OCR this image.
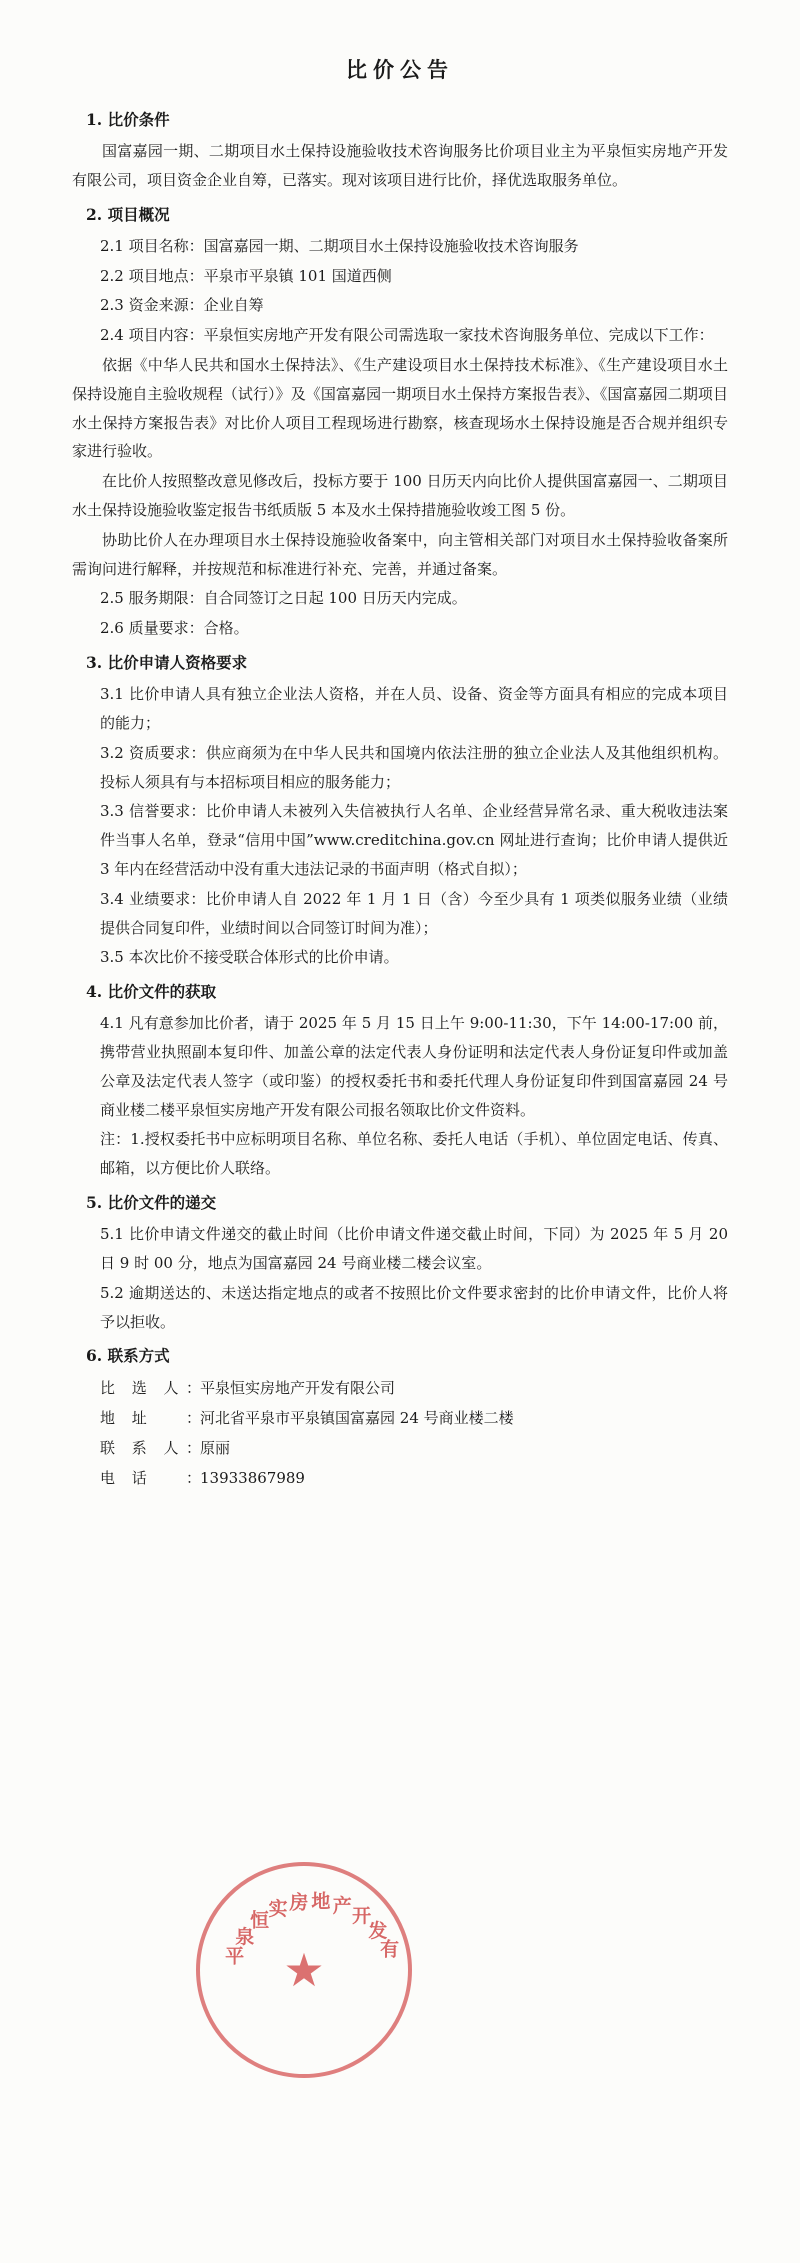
比价公告
1. 比价条件

国富嘉园一期、二期项目水土保持设施验收技术咨询服务比价项目业主为平泉恒实房地产开发有限公司，项目资金企业自筹，已落实。现对该项目进行比价，择优选取服务单位。

2. 项目概况

2.1 项目名称：国富嘉园一期、二期项目水土保持设施验收技术咨询服务

2.2 项目地点：平泉市平泉镇 101 国道西侧

2.3 资金来源：企业自筹

2.4 项目内容：平泉恒实房地产开发有限公司需选取一家技术咨询服务单位、完成以下工作：

依据《中华人民共和国水土保持法》、《生产建设项目水土保持技术标准》、《生产建设项目水土保持设施自主验收规程（试行）》及《国富嘉园一期项目水土保持方案报告表》、《国富嘉园二期项目水土保持方案报告表》对比价人项目工程现场进行勘察，核查现场水土保持设施是否合规并组织专家进行验收。

在比价人按照整改意见修改后，投标方要于 100 日历天内向比价人提供国富嘉园一、二期项目水土保持设施验收鉴定报告书纸质版 5 本及水土保持措施验收竣工图 5 份。

协助比价人在办理项目水土保持设施验收备案中，向主管相关部门对项目水土保持验收备案所需询问进行解释，并按规范和标准进行补充、完善，并通过备案。

2.5 服务期限：自合同签订之日起 100 日历天内完成。

2.6 质量要求：合格。

3. 比价申请人资格要求

3.1 比价申请人具有独立企业法人资格，并在人员、设备、资金等方面具有相应的完成本项目的能力；

3.2 资质要求：供应商须为在中华人民共和国境内依法注册的独立企业法人及其他组织机构。投标人须具有与本招标项目相应的服务能力；

3.3 信誉要求：比价申请人未被列入失信被执行人名单、企业经营异常名录、重大税收违法案件当事人名单，登录“信用中国”www.creditchina.gov.cn 网址进行查询；比价申请人提供近 3 年内在经营活动中没有重大违法记录的书面声明（格式自拟）；

3.4 业绩要求：比价申请人自 2022 年 1 月 1 日（含）今至少具有 1 项类似服务业绩（业绩提供合同复印件，业绩时间以合同签订时间为准）；

3.5 本次比价不接受联合体形式的比价申请。

4. 比价文件的获取

4.1 凡有意参加比价者，请于 2025 年 5 月 15 日上午 9:00-11:30，下午 14:00-17:00 前，携带营业执照副本复印件、加盖公章的法定代表人身份证明和法定代表人身份证复印件或加盖公章及法定代表人签字（或印鉴）的授权委托书和委托代理人身份证复印件到国富嘉园 24 号商业楼二楼平泉恒实房地产开发有限公司报名领取比价文件资料。

注：1.授权委托书中应标明项目名称、单位名称、委托人电话（手机）、单位固定电话、传真、邮箱，以方便比价人联络。

5. 比价文件的递交

5.1 比价申请文件递交的截止时间（比价申请文件递交截止时间，下同）为 2025 年 5 月 20 日 9 时 00 分，地点为国富嘉园 24 号商业楼二楼会议室。

5.2 逾期送达的、未送达指定地点的或者不按照比价文件要求密封的比价申请文件，比价人将予以拒收。

6. 联系方式
比 选 人 ：
平泉恒实房地产开发有限公司
地 址	：
河北省平泉市平泉镇国富嘉园 24 号商业楼二楼
联 系 人 ：
原丽
电 话	：
13933867989
平
泉
恒
实 房 地 产 开
发
有
★
